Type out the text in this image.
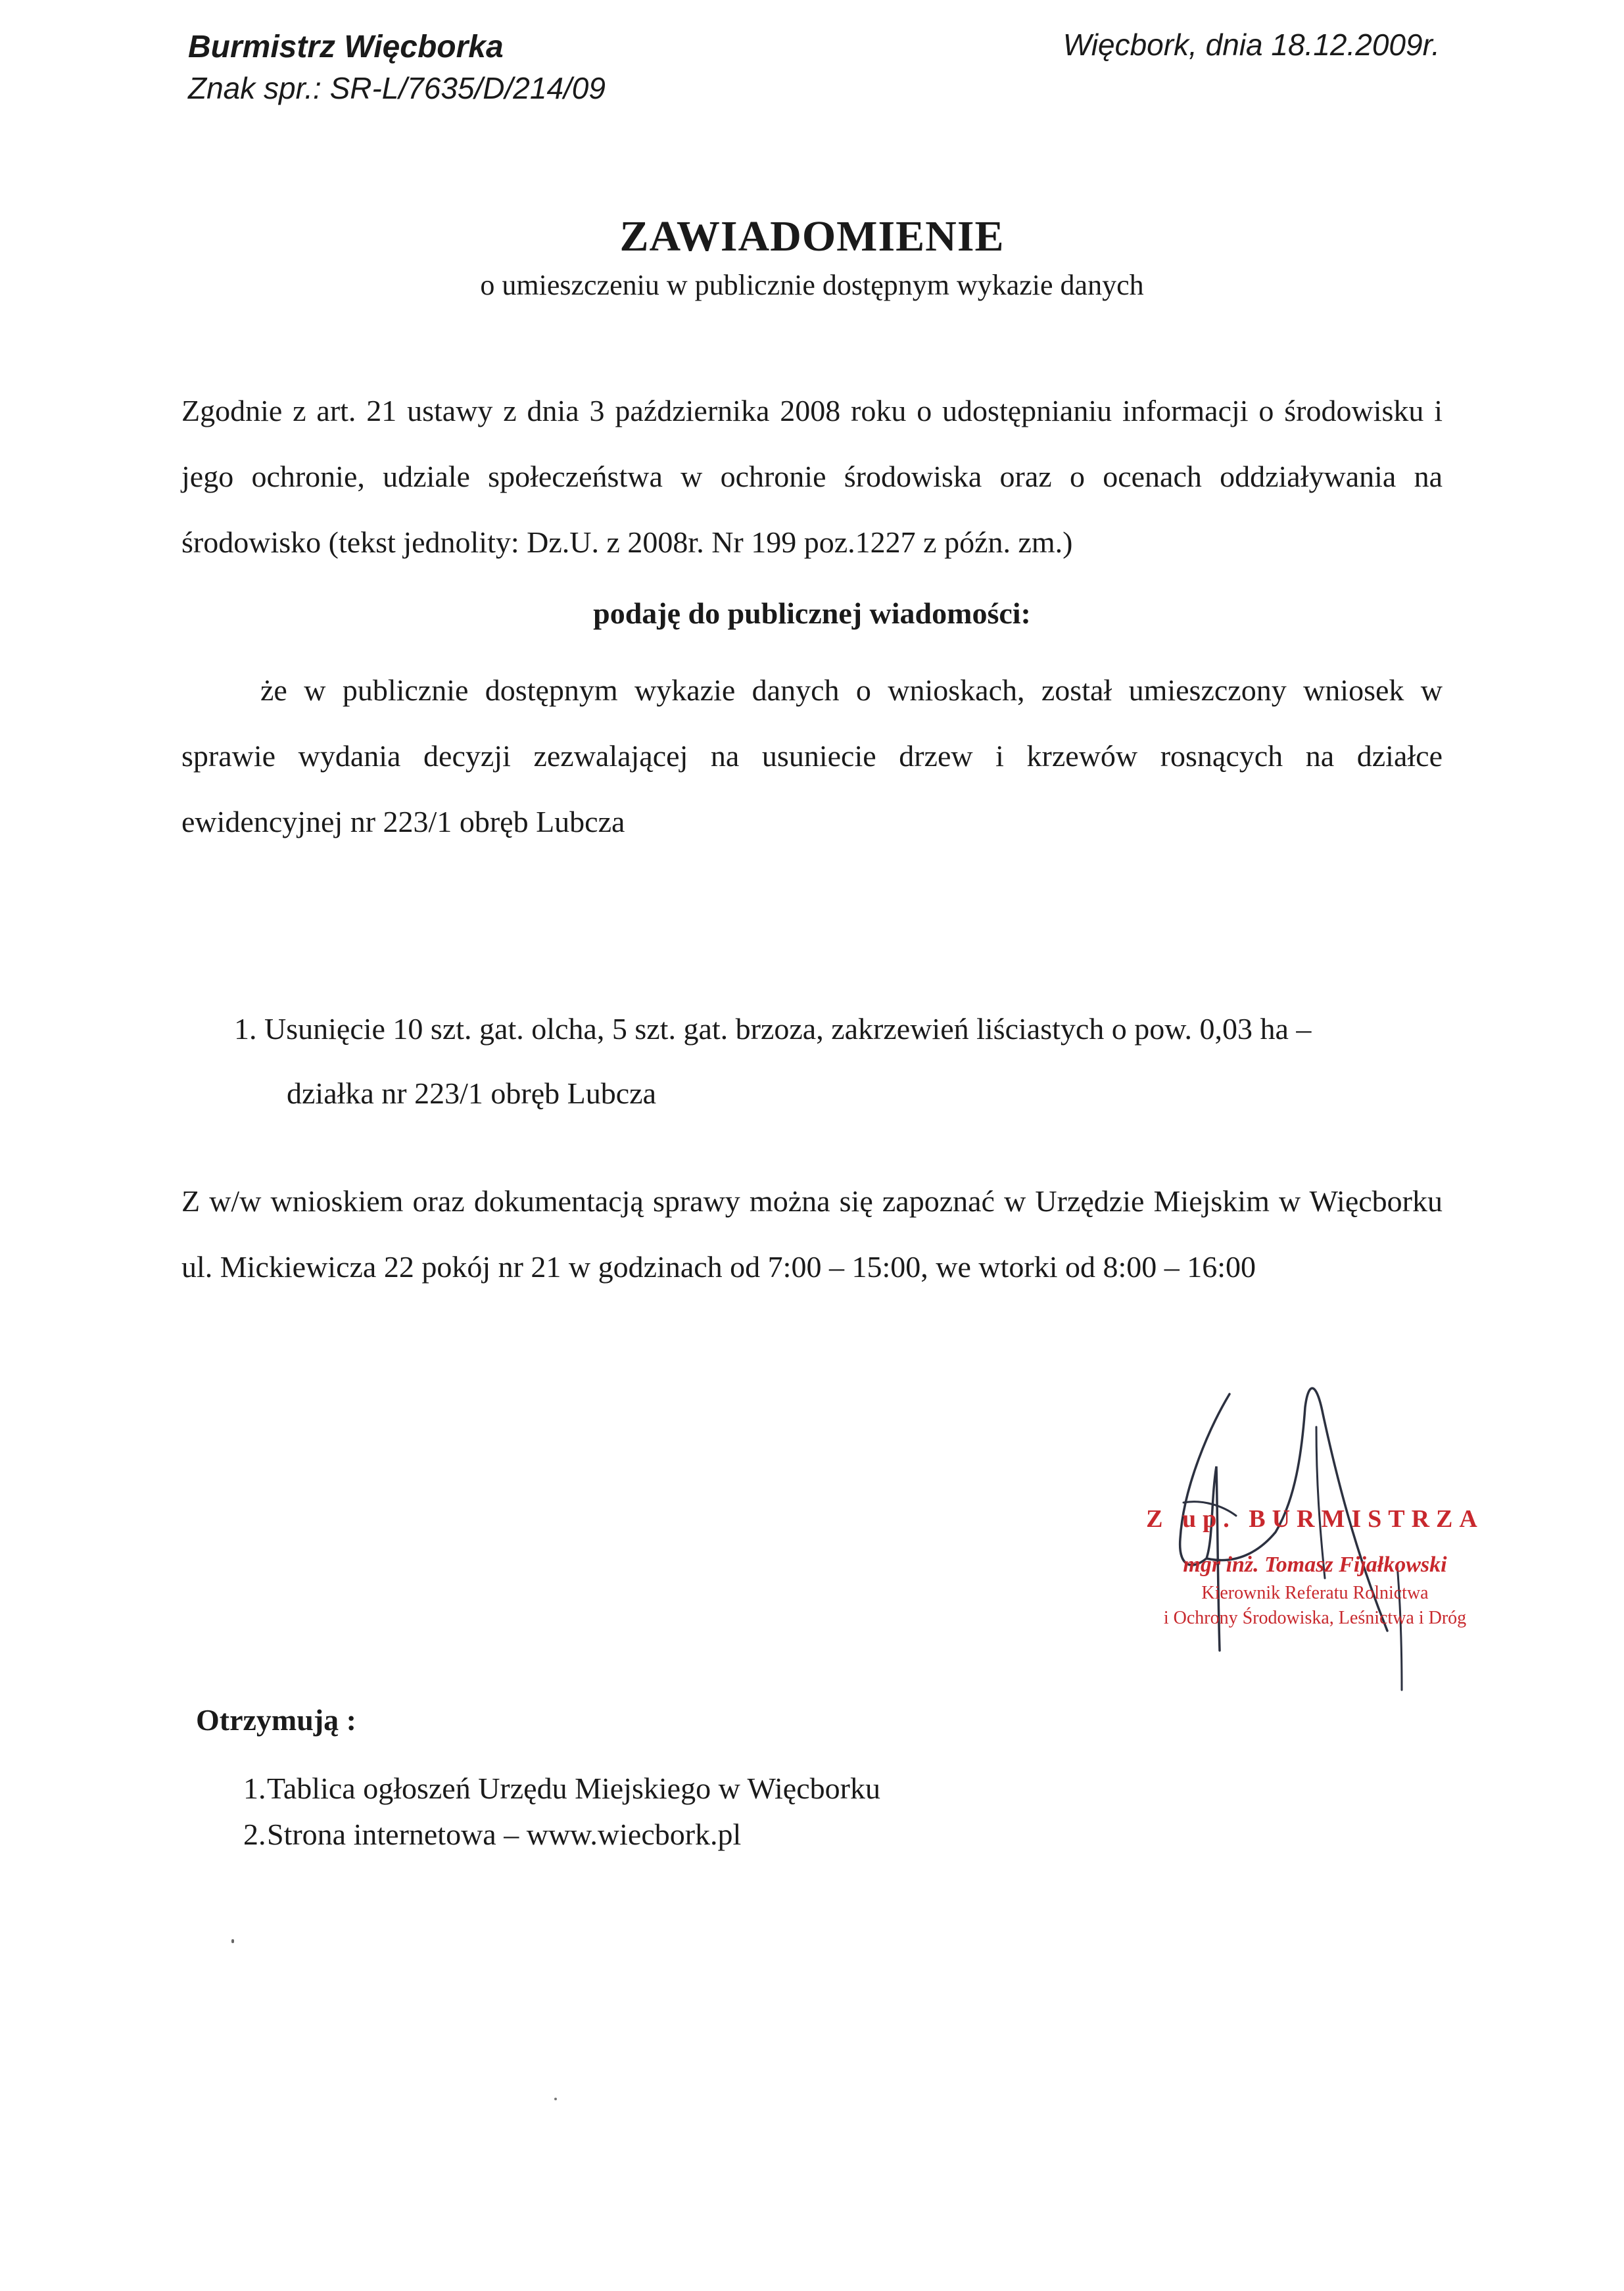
Burmistrz Więcborka
Znak spr.: SR-L/7635/D/214/09
Więcbork, dnia 18.12.2009r.
ZAWIADOMIENIE
o umieszczeniu w publicznie dostępnym wykazie danych
Zgodnie z art. 21 ustawy z dnia 3 października 2008 roku o udostępnianiu informacji o środowisku i jego ochronie, udziale społeczeństwa w ochronie środowiska oraz o ocenach oddziaływania na środowisko (tekst jednolity: Dz.U. z 2008r. Nr 199 poz.1227 z późn. zm.)
podaję do publicznej wiadomości:
że w publicznie dostępnym wykazie danych o wnioskach, został umieszczony wniosek w sprawie wydania decyzji zezwalającej na usuniecie drzew i krzewów rosnących na działce ewidencyjnej nr 223/1 obręb Lubcza
1. Usunięcie 10 szt. gat. olcha, 5 szt. gat. brzoza, zakrzewień liściastych o pow. 0,03 ha –
działka nr 223/1 obręb Lubcza
Z w/w wnioskiem oraz dokumentacją sprawy można się zapoznać w Urzędzie Miejskim w Więcborku ul. Mickiewicza 22 pokój nr 21 w godzinach od 7:00 – 15:00, we wtorki od 8:00 – 16:00
Z up. BURMISTRZA
mgr inż. Tomasz Fijałkowski
Kierownik Referatu Rolnictwa
i Ochrony Środowiska, Leśnictwa i Dróg
Otrzymują :
1.Tablica ogłoszeń Urzędu Miejskiego w Więcborku
2.Strona internetowa – www.wiecbork.pl
